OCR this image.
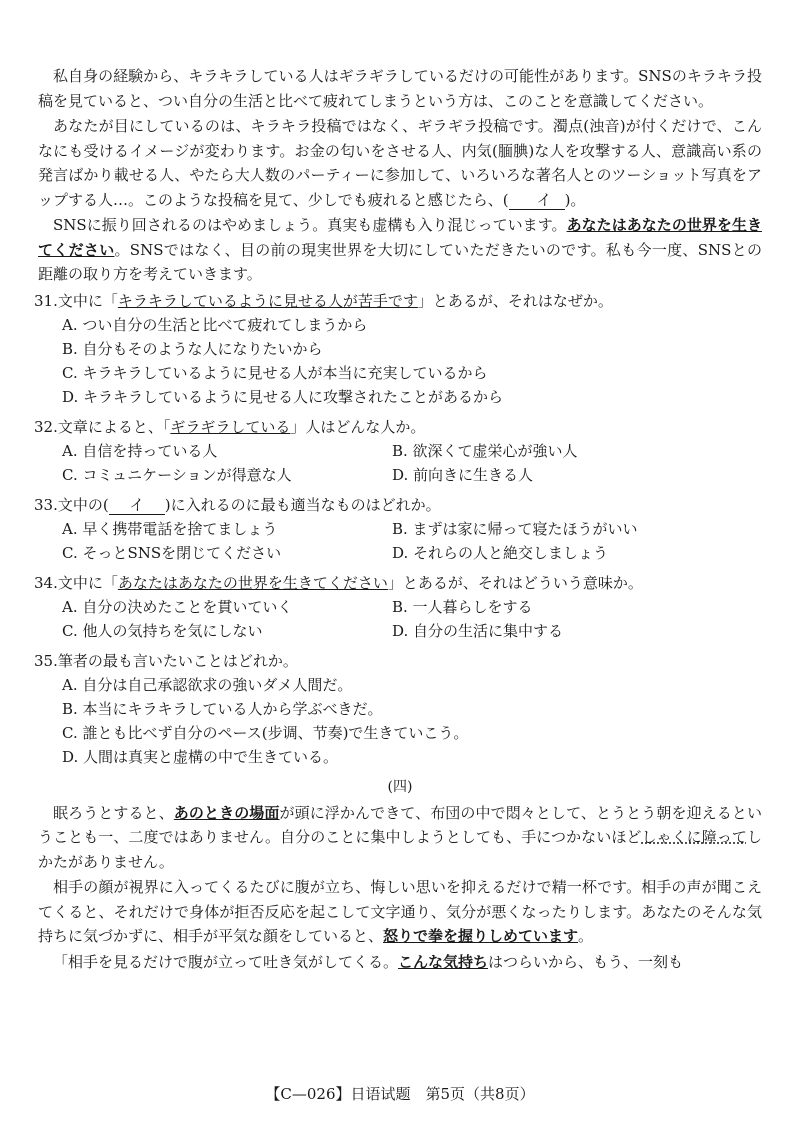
私自身の経験から、キラキラしている人はギラギラしているだけの可能性があります。SNSのキラキラ投稿を見ていると、つい自分の生活と比べて疲れてしまうという方は、このことを意識してください。

あなたが目にしているのは、キラキラ投稿ではなく、ギラギラ投稿です。濁点(浊音)が付くだけで、こんなにも受けるイメージが変わります。お金の匂いをさせる人、内気(腼腆)な人を攻撃する人、意識高い系の発言ばかり載せる人、やたら大人数のパーティーに参加して、いろいろな著名人とのツーショット写真をアップする人…。このような投稿を見て、少しでも疲れると感じたら、( イ )。

SNSに振り回されるのはやめましょう。真実も虚構も入り混じっています。あなたはあなたの世界を生きてください。SNSではなく、目の前の現実世界を大切にしていただきたいのです。私も今一度、SNSとの距離の取り方を考えていきます。

31.文中に「キラキラしているように見せる人が苦手です」とあるが、それはなぜか。
A. つい自分の生活と比べて疲れてしまうから
B. 自分もそのような人になりたいから
C. キラキラしているように見せる人が本当に充実しているから
D. キラキラしているように見せる人に攻撃されたことがあるから
32.文章によると、「ギラギラしている」人はどんな人か。
A. 自信を持っている人	B. 欲深くて虚栄心が強い人
C. コミュニケーションが得意な人	D. 前向きに生きる人
33.文中の( イ )に入れるのに最も適当なものはどれか。
A. 早く携帯電話を捨てましょう	B. まずは家に帰って寝たほうがいい
C. そっとSNSを閉じてください	D. それらの人と絶交しましょう
34.文中に「あなたはあなたの世界を生きてください」とあるが、それはどういう意味か。
A. 自分の決めたことを貫いていく	B. 一人暮らしをする
C. 他人の気持ちを気にしない	D. 自分の生活に集中する
35.筆者の最も言いたいことはどれか。
A. 自分は自己承認欲求の強いダメ人間だ。
B. 本当にキラキラしている人から学ぶべきだ。
C. 誰とも比べず自分のペース(步调、节奏)で生きていこう。
D. 人間は真実と虚構の中で生きている。
(四)

眠ろうとすると、あのときの場面が頭に浮かんできて、布団の中で悶々として、とうとう朝を迎えるということも一、二度ではありません。自分のことに集中しようとしても、手につかないほどしゃくに障ってしかたがありません。

相手の顔が視界に入ってくるたびに腹が立ち、悔しい思いを抑えるだけで精一杯です。相手の声が聞こえてくると、それだけで身体が拒否反応を起こして文字通り、気分が悪くなったりします。あなたのそんな気持ちに気づかずに、相手が平気な顔をしていると、怒りで拳を握りしめています。

「相手を見るだけで腹が立って吐き気がしてくる。こんな気持ちはつらいから、もう、一刻も

【C—026】日语试题　第5页（共8页）
